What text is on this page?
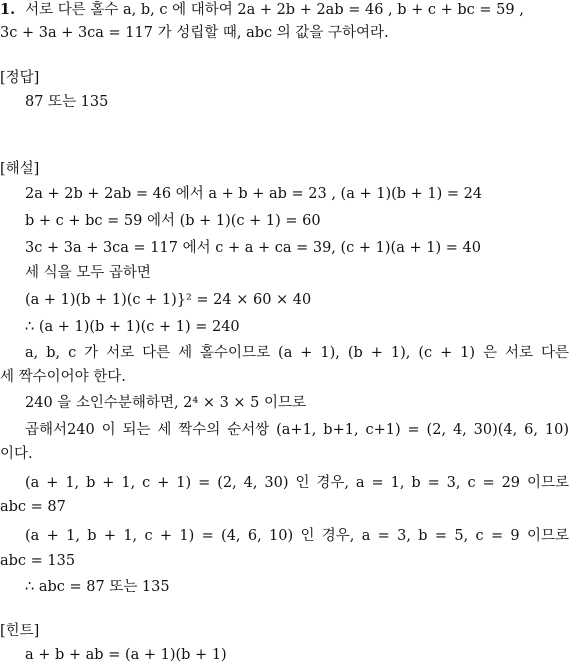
1. 서로 다른 홀수 a, b, c 에 대하여 2a + 2b + 2ab = 46 , b + c + bc = 59 ,
3c + 3a + 3ca = 117 가 성립할 때, abc 의 값을 구하여라.
[정답]
87 또는 135
[해설]
2a + 2b + 2ab = 46 에서 a + b + ab = 23 , (a + 1)(b + 1) = 24
b + c + bc = 59 에서 (b + 1)(c + 1) = 60
3c + 3a + 3ca = 117 에서 c + a + ca = 39, (c + 1)(a + 1) = 40
세 식을 모두 곱하면
(a + 1)(b + 1)(c + 1)}² = 24 × 60 × 40
∴ (a + 1)(b + 1)(c + 1) = 240
a, b, c 가 서로 다른 세 홀수이므로 (a + 1), (b + 1), (c + 1) 은 서로 다른
세 짝수이어야 한다.
240 을 소인수분해하면, 2⁴ × 3 × 5 이므로
곱해서240 이 되는 세 짝수의 순서쌍 (a+1, b+1, c+1) = (2, 4, 30)(4, 6, 10)
이다.
(a + 1, b + 1, c + 1) = (2, 4, 30) 인 경우, a = 1, b = 3, c = 29 이므로
abc = 87
(a + 1, b + 1, c + 1) = (4, 6, 10) 인 경우, a = 3, b = 5, c = 9 이므로
abc = 135
∴ abc = 87 또는 135
[힌트]
a + b + ab = (a + 1)(b + 1)
